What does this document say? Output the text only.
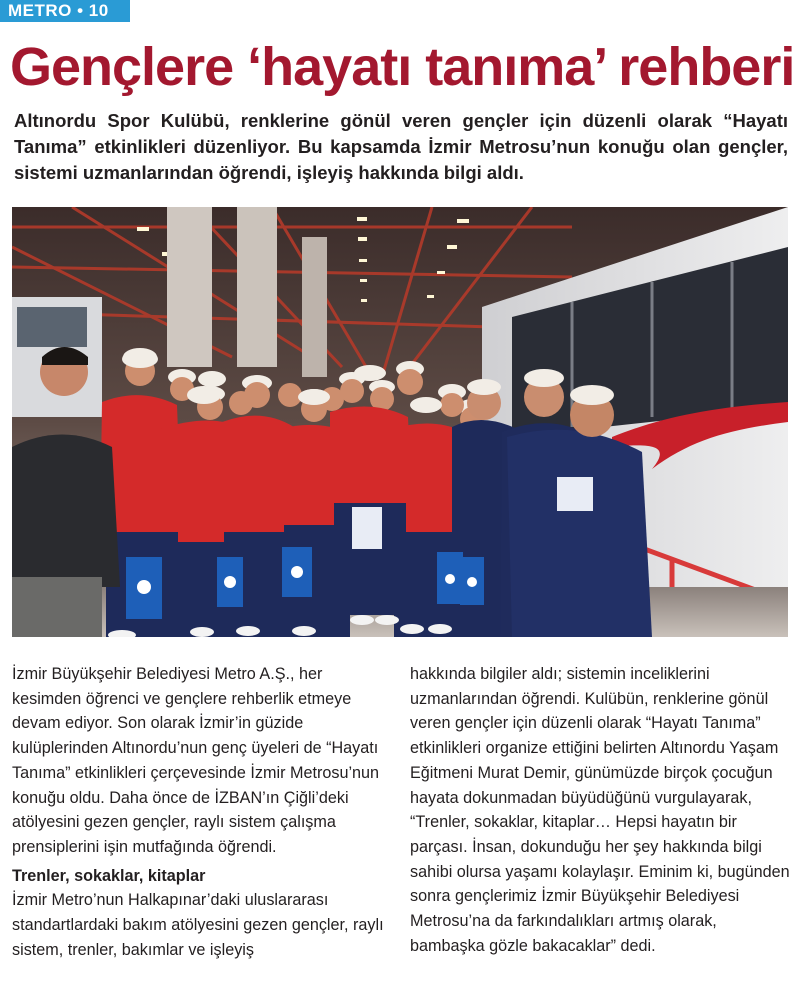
METRO • 10
Gençlere ‘hayatı tanıma’ rehberi

Altınordu Spor Kulübü, renklerine gönül veren gençler için düzenli olarak “Hayatı Tanıma” etkinlikleri düzenliyor. Bu kapsamda İzmir Metrosu’nun konuğu olan gençler, sistemi uzmanlarından öğrendi, işleyiş hakkında bilgi aldı.

İzmir Büyükşehir Belediyesi Metro A.Ş., her kesimden öğrenci ve gençlere rehberlik etmeye devam ediyor. Son olarak İzmir’in güzide kulüplerinden Altınordu’nun genç üyeleri de “Hayatı Tanıma” etkinlikleri çerçevesinde İzmir Metrosu’nun konuğu oldu. Daha önce de İZBAN’ın Çiğli’deki atölyesini gezen gençler, raylı sistem çalışma prensiplerini işin mutfağında öğrendi.

Trenler, sokaklar, kitaplar

İzmir Metro’nun Halkapınar’daki uluslararası standartlardaki bakım atölyesini gezen gençler, raylı sistem, trenler, bakımlar ve işleyiş

hakkında bilgiler aldı; sistemin inceliklerini uzmanlarından öğrendi. Kulübün, renklerine gönül veren gençler için düzenli olarak “Hayatı Tanıma” etkinlikleri organize ettiğini belirten Altınordu Yaşam Eğitmeni Murat Demir, günümüzde birçok çocuğun hayata dokunmadan büyüdüğünü vurgulayarak, “Trenler, sokaklar, kitaplar… Hepsi hayatın bir parçası. İnsan, dokunduğu her şey hakkında bilgi sahibi olursa yaşamı kolaylaşır. Eminim ki, bugünden sonra gençlerimiz İzmir Büyükşehir Belediyesi Metrosu’na da farkındalıkları artmış olarak, bambaşka gözle bakacaklar” dedi.
